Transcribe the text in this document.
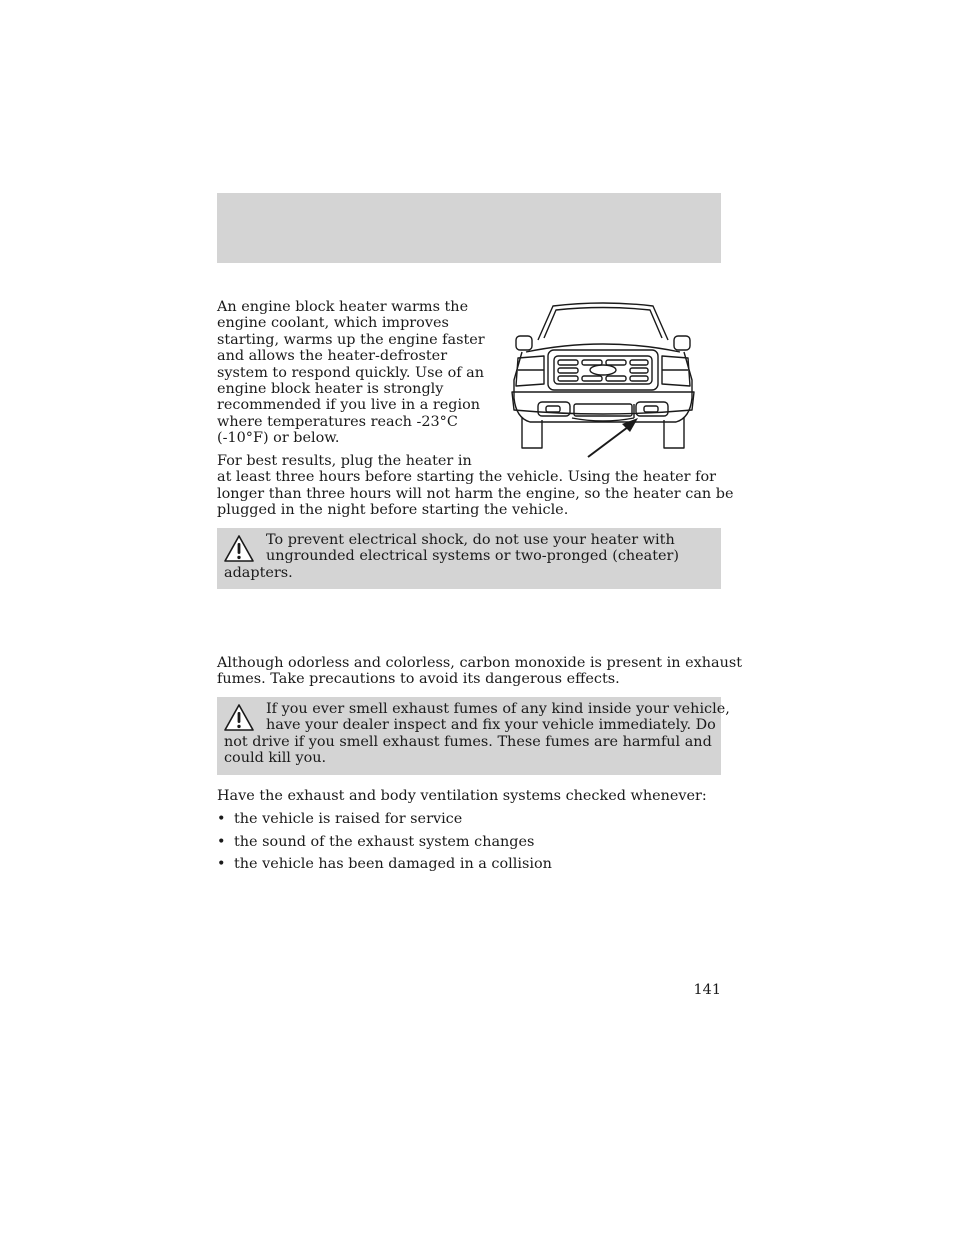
An engine block heater warms the
engine coolant, which improves
starting, warms up the engine faster
and allows the heater-defroster
system to respond quickly. Use of an
engine block heater is strongly
recommended if you live in a region
where temperatures reach -23°C
(-10°F) or below.

For best results, plug the heater in
at least three hours before starting the vehicle. Using the heater for
longer than three hours will not harm the engine, so the heater can be
plugged in the night before starting the vehicle.

To prevent electrical shock, do not use your heater with
ungrounded electrical systems or two-pronged (cheater)
adapters.

Although odorless and colorless, carbon monoxide is present in exhaust
fumes. Take precautions to avoid its dangerous effects.

If you ever smell exhaust fumes of any kind inside your vehicle,
have your dealer inspect and fix your vehicle immediately. Do
not drive if you smell exhaust fumes. These fumes are harmful and
could kill you.

Have the exhaust and body ventilation systems checked whenever:

• the vehicle is raised for service
• the sound of the exhaust system changes
• the vehicle has been damaged in a collision
141
